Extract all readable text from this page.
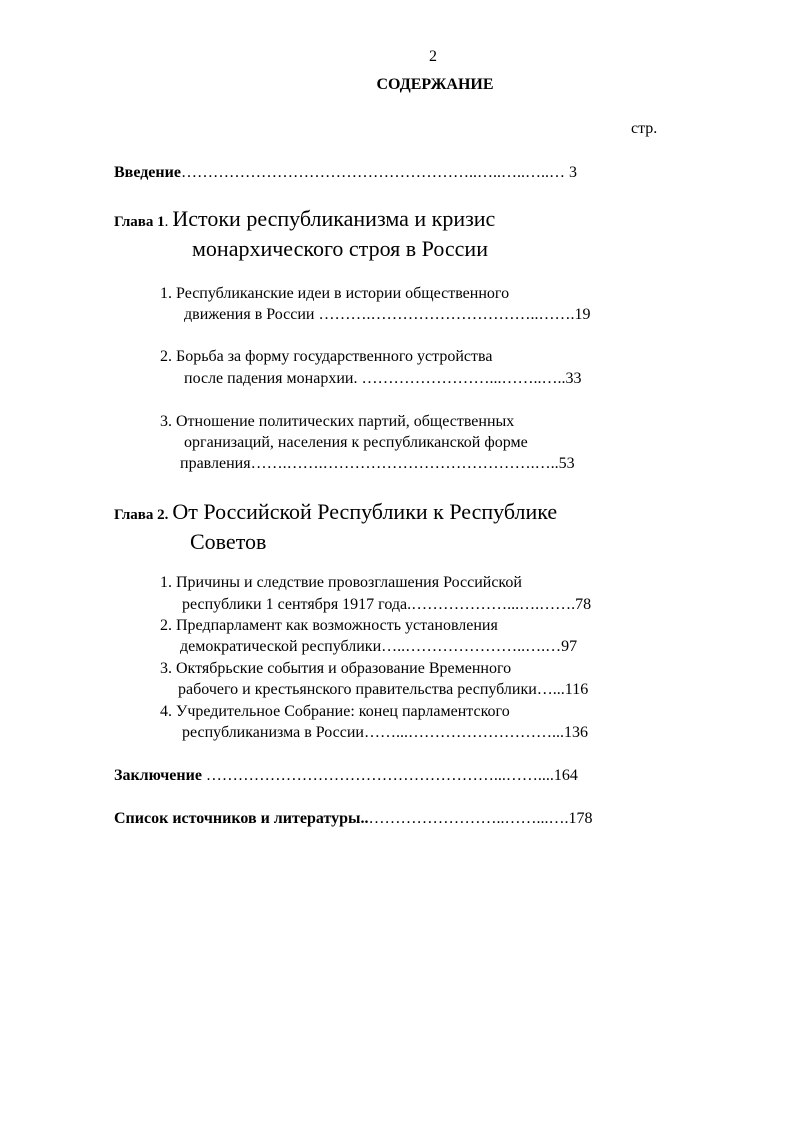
2
СОДЕРЖАНИЕ
стр.
Введение………………………………………………..…..…..…..… 3
Глава 1. Истоки республиканизма и кризис
монархического строя в России
1. Республиканские идеи в истории общественного
движения в России ……….…………………………..…….19
2. Борьба за форму государственного устройства
после падения монархии. ……………………...……..…..33
3. Отношение политических партий, общественных
организаций, населения к республиканской форме
правления…….…….………………………………….…..53
Глава 2. От Российской Республики к Республике
Советов
1. Причины и следствие провозглашения Российской
республики 1 сентября 1917 года.………………...….…….78
2. Предпарламент как возможность установления
демократической республики…..…………………..….…97
3. Октябрьские события и образование Временного
рабочего и крестьянского правительства республики…...116
4. Учредительное Собрание: конец парламентского
республиканизма в России……...………………………...136
Заключение ………………………………………………...……....164
Список источников и литературы..……………………..……...….178
